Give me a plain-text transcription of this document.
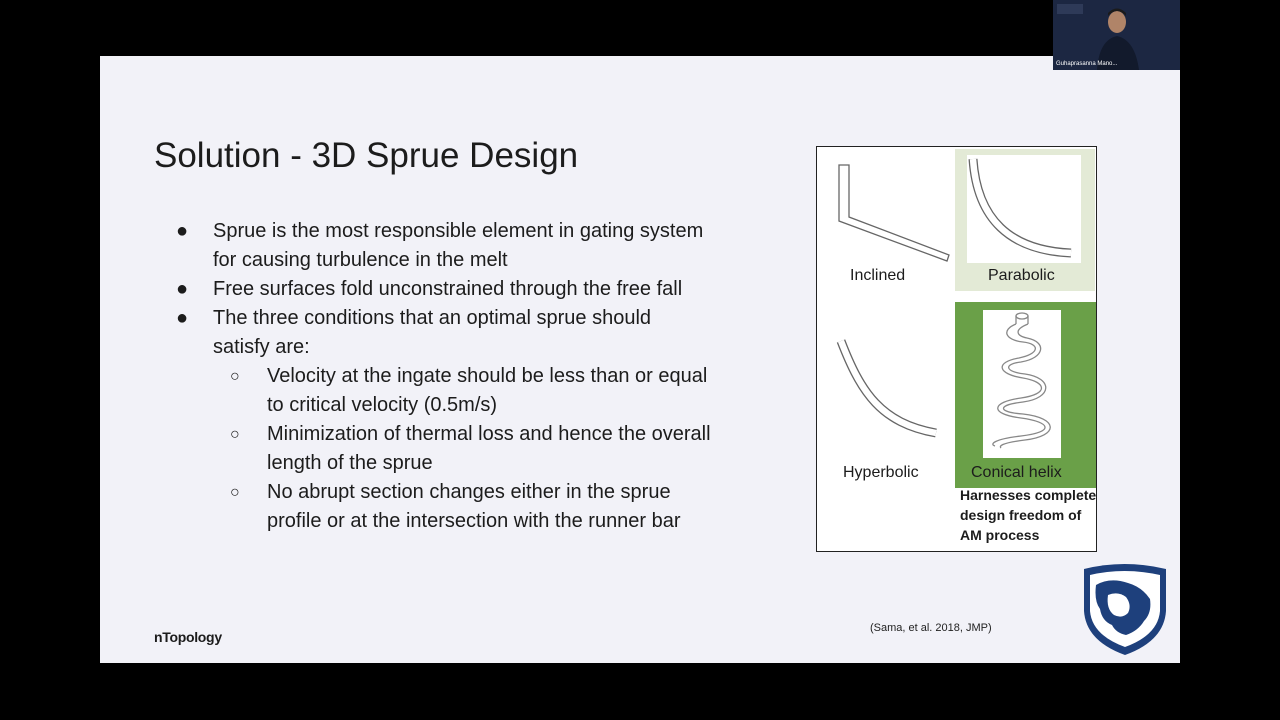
Solution - 3D Sprue Design
● Sprue is the most responsible element in gating system
for causing turbulence in the melt
● Free surfaces fold unconstrained through the free fall
● The three conditions that an optimal sprue should
satisfy are:
○ Velocity at the ingate should be less than or equal
to critical velocity (0.5m/s)
○ Minimization of thermal loss and hence the overall
length of the sprue
○ No abrupt section changes either in the sprue
profile or at the intersection with the runner bar
Inclined	Parabolic
Hyperbolic	Conical helix
Harnesses complete
design freedom of
AM process
(Sama, et al. 2018, JMP)
nTopology
Guhaprasanna Mano...
